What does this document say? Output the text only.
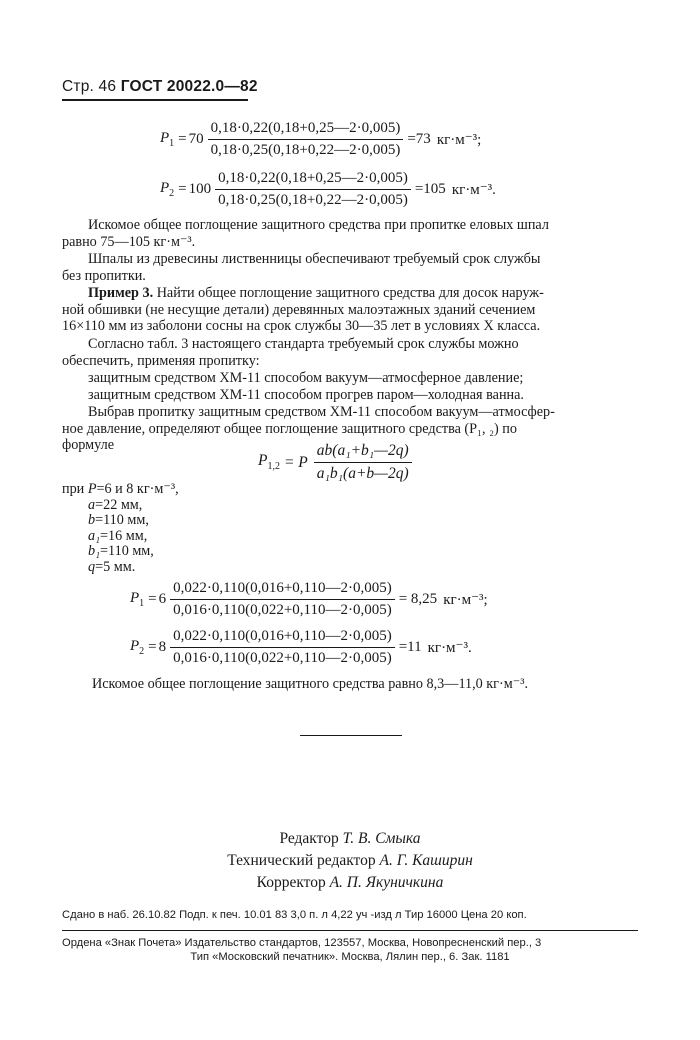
Стр. 46 ГОСТ 20022.0—82
$P_1 = 70 \frac{0,18\cdot 0,22(0,18+0,25—2\cdot 0,005)}{0,18\cdot 0,25(0,18+0,22—2\cdot 0,005)} =73$ кг·м⁻³;
$P_2 = 100 \frac{0,18\cdot 0,22(0,18+0,25—2\cdot 0,005)}{0,18\cdot 0,25(0,18+0,22—2\cdot 0,005)} =105$ кг·м⁻³.
Искомое общее поглощение защитного средства при пропитке еловых шпал
равно 75—105 кг·м⁻³.
Шпалы из древесины лиственницы обеспечивают требуемый срок службы
без пропитки.
Пример 3. Найти общее поглощение защитного средства для досок наруж-
ной обшивки (не несущие детали) деревянных малоэтажных зданий сечением
16×110 мм из заболони сосны на срок службы 30—35 лет в условиях X класса.
Согласно табл. 3 настоящего стандарта требуемый срок службы можно
обеспечить, применяя пропитку:
защитным средством ХМ-11 способом вакуум—атмосферное давление;
защитным средством ХМ-11 способом прогрев паром—холодная ванна.
Выбрав пропитку защитным средством ХМ-11 способом вакуум—атмосфер-
ное давление, определяют общее поглощение защитного средства (P₁, ₂) по
формуле
$P_{1,2} = P \frac{\text{ab(a₁+b₁—2q)}}{\text{a₁b₁(a+b—2q)}}$
при P=6 и 8 кг·м⁻³,
a=22 мм,
b=110 мм,
a₁=16 мм,
b₁=110 мм,
q=5 мм.
$P_1 = 6 \frac{0,022\cdot 0,110(0,016+0,110—2\cdot 0,005)}{0,016\cdot 0,110(0,022+0,110—2\cdot 0,005)} = 8,25$ кг·м⁻³;
$P_2 = 8 \frac{0,022\cdot 0,110(0,016+0,110—2\cdot 0,005)}{0,016\cdot 0,110(0,022+0,110—2\cdot 0,005)} =11$ кг·м⁻³.
Искомое общее поглощение защитного средства равно 8,3—11,0 кг·м⁻³.
Редактор Т. В. Смыка
Технический редактор А. Г. Каширин
Корректор А. П. Якуничкина
Сдано в наб. 26.10.82 Подп. к печ. 10.01 83 3,0 п. л 4,22 уч -изд л Тир 16000 Цена 20 коп.
Ордена «Знак Почета» Издательство стандартов, 123557, Москва, Новопресненский пер., 3
Тип «Московский печатник». Москва, Лялин пер., 6. Зак. 1181
